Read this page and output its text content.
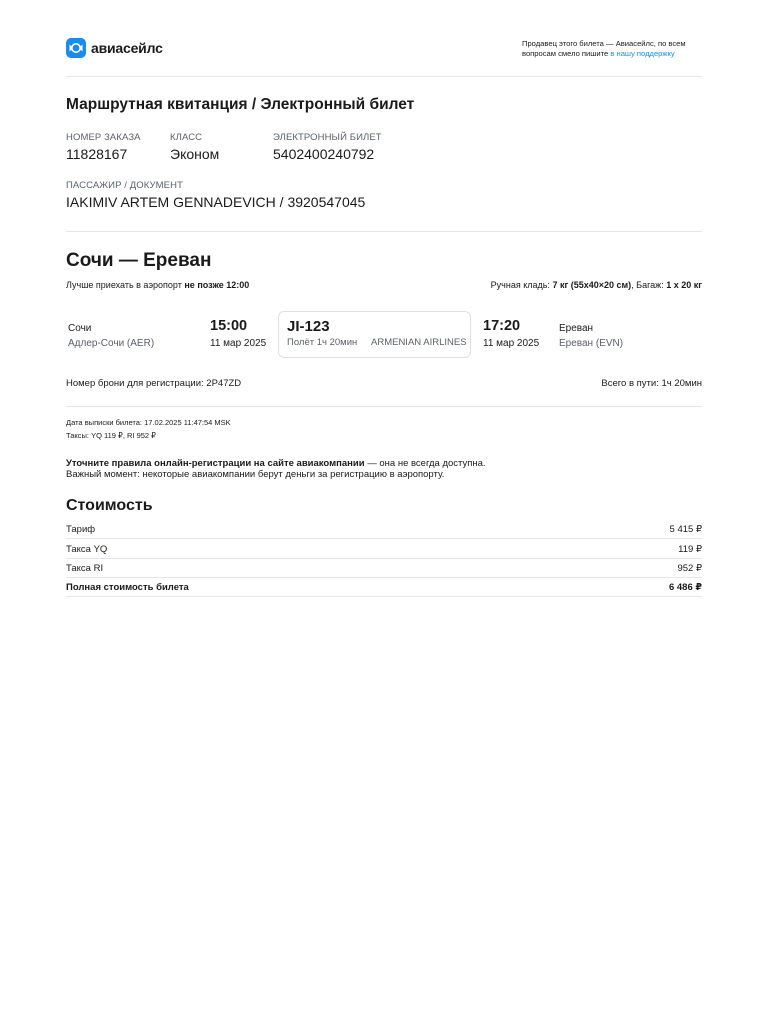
авиасейлс	Продавец этого билета — Авиасейлс, по всем вопросам смело пишите в нашу поддержку
Маршрутная квитанция / Электронный билет
НОМЕР ЗАКАЗА
11828167
КЛАСС
Эконом
ЭЛЕКТРОННЫЙ БИЛЕТ
5402400240792
ПАССАЖИР / ДОКУМЕНТ
IAKIMIV ARTEM GENNADEVICH / 3920547045
Сочи — Ереван
Лучше приехать в аэропорт не позже 12:00	Ручная кладь: 7 кг (55х40×20 см), Багаж: 1 x 20 кг
Сочи
Адлер-Сочи (AER)
15:00
11 мар 2025
JI-123
Полёт 1ч 20мин ARMENIAN AIRLINES
17:20
11 мар 2025
Ереван
Ереван (EVN)
Номер брони для регистрации: 2P47ZD	Всего в пути: 1ч 20мин
Дата выписки билета: 17.02.2025 11:47:54 MSK
Таксы: YQ 119 ₽, RI 952 ₽
Уточните правила онлайн-регистрации на сайте авиакомпании — она не всегда доступна.
Важный момент: некоторые авиакомпании берут деньги за регистрацию в аэропорту.
Стоимость
Тариф	5 415 ₽
Такса YQ	119 ₽
Такса RI	952 ₽
Полная стоимость билета	6 486 ₽
